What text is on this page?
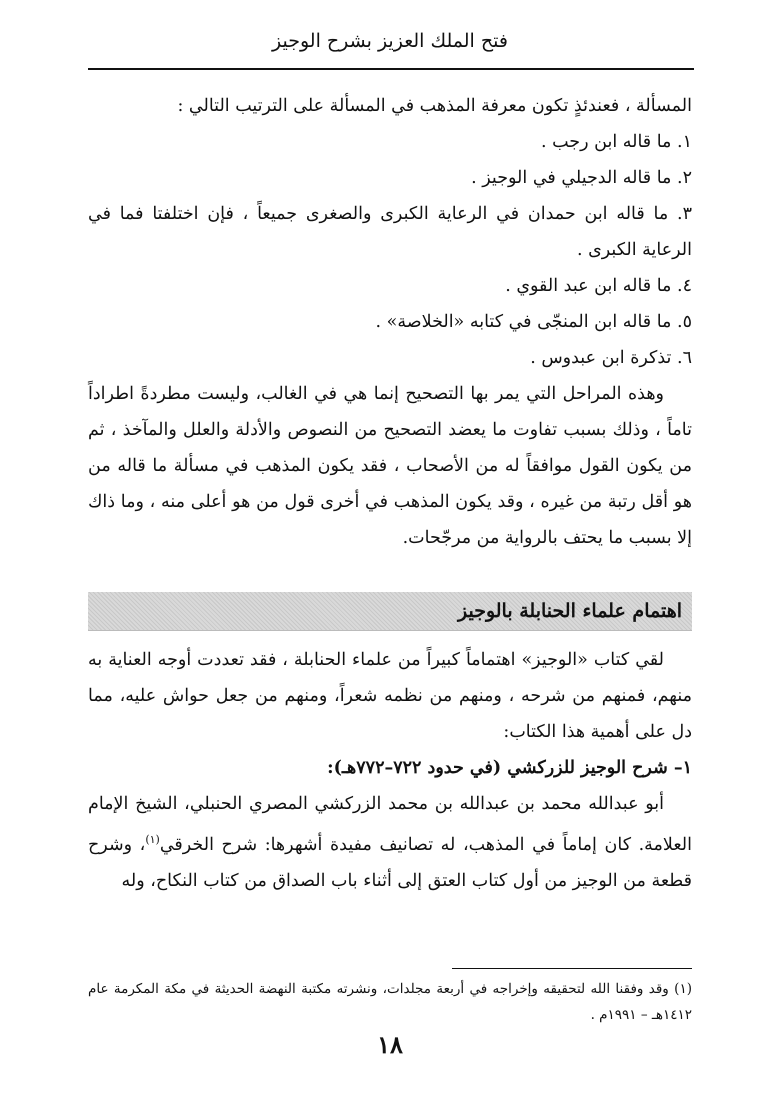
فتح الملك العزيز بشرح الوجيز

المسألة ، فعندئذٍ تكون معرفة المذهب في المسألة على الترتيب التالي :

١. ما قاله ابن رجب .

٢. ما قاله الدجيلي في الوجيز .

٣. ما قاله ابن حمدان في الرعاية الكبرى والصغرى جميعاً ، فإن اختلفتا فما في الرعاية الكبرى .

٤. ما قاله ابن عبد القوي .

٥. ما قاله ابن المنجّى في كتابه «الخلاصة» .

٦. تذكرة ابن عبدوس .

وهذه المراحل التي يمر بها التصحيح إنما هي في الغالب، وليست مطردةً اطراداً تاماً ، وذلك بسبب تفاوت ما يعضد التصحيح من النصوص والأدلة والعلل والمآخذ ، ثم من يكون القول موافقاً له من الأصحاب ، فقد يكون المذهب في مسألة ما قاله من هو أقل رتبة من غيره ، وقد يكون المذهب في أخرى قول من هو أعلى منه ، وما ذاك إلا بسبب ما يحتف بالرواية من مرجّحات.

اهتمام علماء الحنابلة بالوجيز

لقي كتاب «الوجيز» اهتماماً كبيراً من علماء الحنابلة ، فقد تعددت أوجه العناية به منهم، فمنهم من شرحه ، ومنهم من نظمه شعراً، ومنهم من جعل حواش عليه، مما دل على أهمية هذا الكتاب:

١– شرح الوجيز للزركشي (في حدود ٧٢٢–٧٧٢هـ):

أبو عبدالله محمد بن عبدالله بن محمد الزركشي المصري الحنبلي، الشيخ الإمام العلامة. كان إماماً في المذهب، له تصانيف مفيدة أشهرها: شرح الخرقي$^{(١)}$، وشرح قطعة من الوجيز من أول كتاب العتق إلى أثناء باب الصداق من كتاب النكاح، وله

(١) وقد وفقنا الله لتحقيقه وإخراجه في أربعة مجلدات، ونشرته مكتبة النهضة الحديثة في مكة المكرمة عام ١٤١٢هـ – ١٩٩١م .

١٨
